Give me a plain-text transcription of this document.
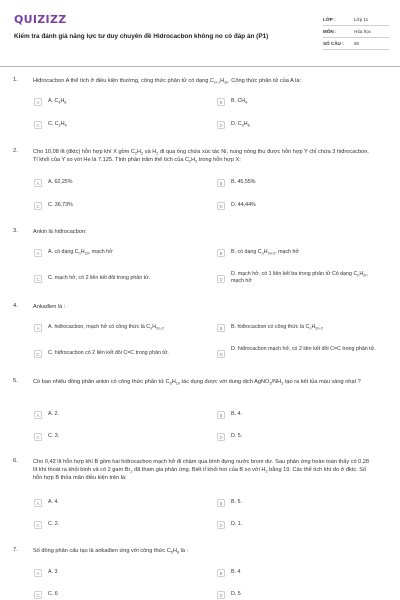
QUIZIZZ
Kiểm tra đánh giá năng lực tư duy chuyên đề Hidrocacbon không no có đáp án (P1)
LỚP :	Lớp 11
MÔN :	Hóa học
SỐ CÂU :	50
1.	Hiđrocacbon A thể tích ở điều kiện thường, công thức phân tử có dạng $C_{x+1}H_{3x}$. Công thức phân tử của A là:
A	A. $C_4H_8$	B	B. $CH_4$
C	C. $C_2H_6$	D	D. $C_3H_6$
2.	Cho 10,08 lít (đktc) hỗn hợp khí X gồm $C_2H_2$ và $H_2$ đi qua ống chứa xúc tác Ni, nung nóng thu được hỗn hợp Y chỉ chứa 3 hiđrocacbon. Tỉ khối của Y so với He là 7,125. Tính phần trăm thể tích của $C_2H_2$ trong hỗn hợp X:
A	A. 62,25%	B	B. 45,55%
C	C. 36,73%	D	D. 44,44%
3.	Ankin là hiđrocacbon:
A	A. có dạng $C_nH_{2n}$, mạch hở	B	B. có dạng $C_nH_{2n-2}$, mạch hở
C	C. mạch hở, có 2 liên kết đôi trong phân tử.	D
D. mạch hở, có 1 liên kết ba trong phân tử Có dạng $C_nH_{2n}$ mạch hở
4.	Ankađien là :
A	A. hiđrocacbon, mạch hở có công thức là $C_nH_{2n-2}$	B	B. hiđrocacbon có công thức là $C_nH_{2n-2}$
C	C. hiđrocacbon có 2 liên kết đôi C=C trong phân tử.	D
D. hiđrocacbon mạch hở, có 2 liên kết đôi C=C trong phân tử.
5.	Có bao nhiêu đồng phân ankin có công thức phân tử $C_6H_{10}$ tác dụng được với dung dịch $AgNO_3/NH_3$ tạo ra kết tủa màu vàng nhạt ?
A	A. 2.	B	B. 4.
C	C. 3.	D	D. 5.
6.	Cho 0,42 lít hỗn hợp khí B gồm hai hiđrocacbon mạch hở đi chậm qua bình đựng nước brom dư. Sau phản ứng hoàn toàn thấy có 0,28 lít khí thoát ra khỏi bình và có 2 gam $Br_2$ đã tham gia phản ứng. Biết tỉ khối hơi của B so với $H_2$ bằng 19. Các thể tích khí đo ở đktc. Số hỗn hợp B thỏa mãn điều kiện trên là:
A	A. 4.	B	B. 5.
C	C. 2.	D	D. 1.
7.	Số đồng phân cấu tạo là ankađien ứng với công thức $C_5H_8$ là :
A	A. 3	B	B. 4
C	C. 6	D	D. 5
